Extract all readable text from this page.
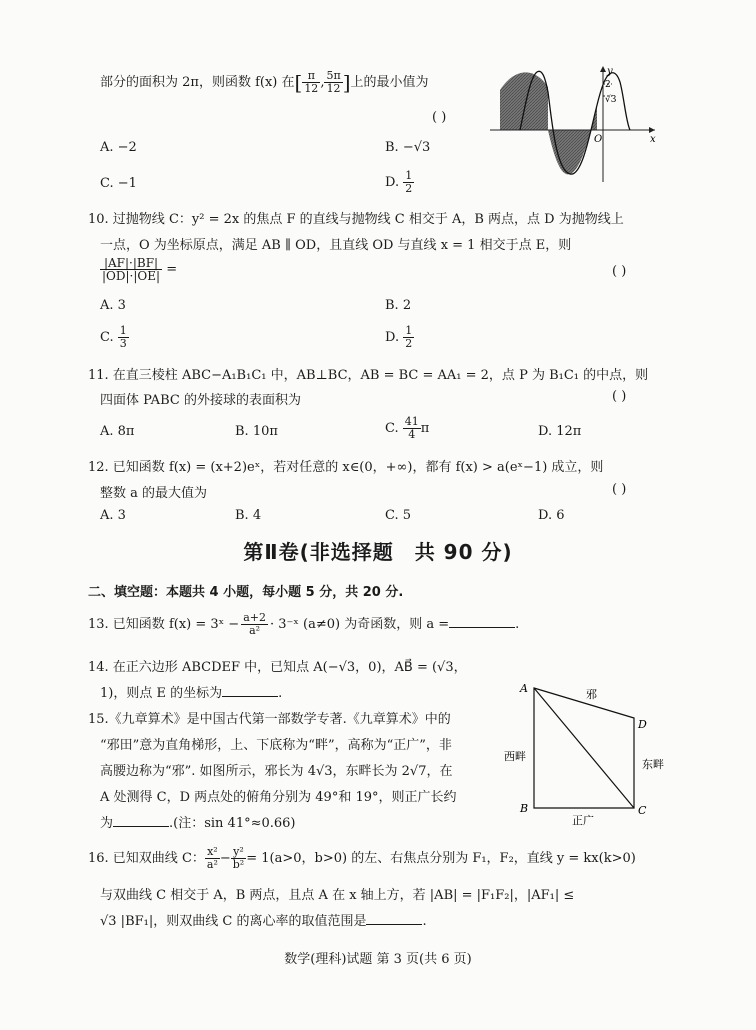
部分的面积为 2π，则函数 f(x) 在[ $\frac{\pi}{12}$ , $\frac{5\pi}{12}$ ]上的最小值为
( )
y
x
O
2
√3
A. −2	B. −√3
C. −1	D. $\frac{1}{2}$
10. 过抛物线 C：y² = 2x 的焦点 F 的直线与抛物线 C 相交于 A，B 两点，点 D 为抛物线上
一点，O 为坐标原点，满足 AB ∥ OD，且直线 OD 与直线 x = 1 相交于点 E，则
$\frac{|AF|\cdot|BF|}{|OD|\cdot|OE|}$ =	( )
A. 3	B. 2
C. $\frac{1}{3}$	D. $\frac{1}{2}$
11. 在直三棱柱 ABC−A₁B₁C₁ 中，AB⊥BC，AB = BC = AA₁ = 2，点 P 为 B₁C₁ 的中点，则
四面体 PABC 的外接球的表面积为	( )
A. 8π	B. 10π	C. $\frac{41}{4}$ π	D. 12π
12. 已知函数 f(x) = (x+2)eˣ，若对任意的 x∈(0，+∞)，都有 f(x) > a(eˣ−1) 成立，则
整数 a 的最大值为	( )
A. 3	B. 4	C. 5	D. 6
第Ⅱ卷(非选择题　共 90 分)
二、填空题：本题共 4 小题，每小题 5 分，共 20 分.
13. 已知函数 f(x) = 3ˣ − $\frac{a+2}{\text{a²}}$ · 3⁻ˣ (a≠0) 为奇函数，则 a =	.
14. 在正六边形 ABCDEF 中，已知点 A(−√3，0)，AB⃗ = (√3，
1)，则点 E 的坐标为	.
15.《九章算术》是中国古代第一部数学专著.《九章算术》中的
“邪田”意为直角梯形，上、下底称为“畔”，高称为“正广”，非
高腰边称为“邪”. 如图所示，邪长为 4√3，东畔长为 2√7，在
A 处测得 C，D 两点处的俯角分别为 49°和 19°，则正广长约
为	.(注：sin 41°≈0.66)
A
B	C
D
邪
西畔
东畔
正广
16. 已知双曲线 C： $\frac{\text{x²}}{\text{a²}} - \frac{\text{y²}}{\text{b²}} = 1(a>0$，b>0) 的左、右焦点分别为 F₁，F₂，直线 y = kx(k>0)
与双曲线 C 相交于 A，B 两点，且点 A 在 x 轴上方，若 |AB| = |F₁F₂|，|AF₁| ≤
√3 |BF₁|，则双曲线 C 的离心率的取值范围是	.
数学(理科)试题 第 3 页(共 6 页)
